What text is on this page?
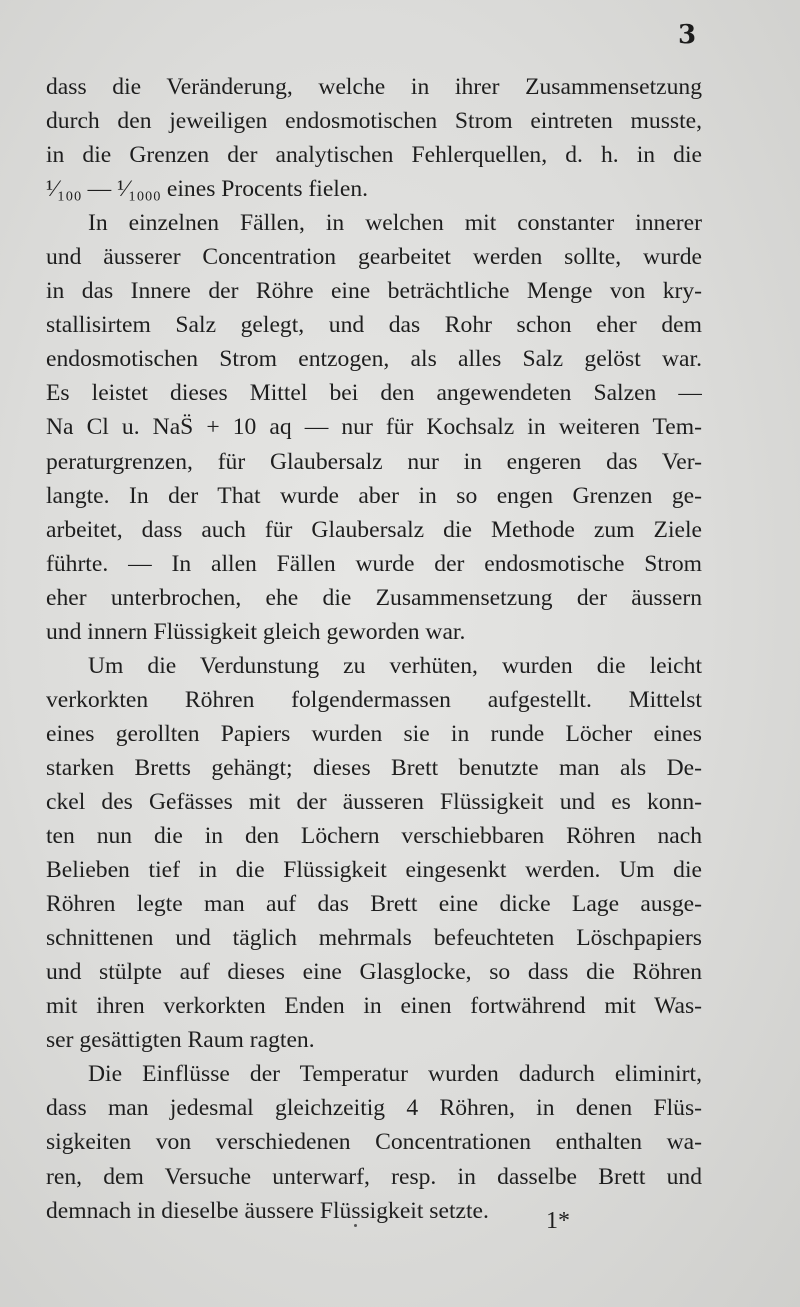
3
dass die Veränderung, welche in ihrer Zusammensetzung
durch den jeweiligen endosmotischen Strom eintreten musste,
in die Grenzen der analytischen Fehlerquellen, d. h. in die
¹⁄₁₀₀ — ¹⁄₁₀₀₀ eines Procents fielen.
In einzelnen Fällen, in welchen mit constanter innerer
und äusserer Concentration gearbeitet werden sollte, wurde
in das Innere der Röhre eine beträchtliche Menge von kry-
stallisirtem Salz gelegt, und das Rohr schon eher dem
endosmotischen Strom entzogen, als alles Salz gelöst war.
Es leistet dieses Mittel bei den angewendeten Salzen —
Na Cl u. NaS̈ + 10 aq — nur für Kochsalz in weiteren Tem-
peraturgrenzen, für Glaubersalz nur in engeren das Ver-
langte. In der That wurde aber in so engen Grenzen ge-
arbeitet, dass auch für Glaubersalz die Methode zum Ziele
führte. — In allen Fällen wurde der endosmotische Strom
eher unterbrochen, ehe die Zusammensetzung der äussern
und innern Flüssigkeit gleich geworden war.
Um die Verdunstung zu verhüten, wurden die leicht
verkorkten Röhren folgendermassen aufgestellt. Mittelst
eines gerollten Papiers wurden sie in runde Löcher eines
starken Bretts gehängt; dieses Brett benutzte man als De-
ckel des Gefässes mit der äusseren Flüssigkeit und es konn-
ten nun die in den Löchern verschiebbaren Röhren nach
Belieben tief in die Flüssigkeit eingesenkt werden. Um die
Röhren legte man auf das Brett eine dicke Lage ausge-
schnittenen und täglich mehrmals befeuchteten Löschpapiers
und stülpte auf dieses eine Glasglocke, so dass die Röhren
mit ihren verkorkten Enden in einen fortwährend mit Was-
ser gesättigten Raum ragten.
Die Einflüsse der Temperatur wurden dadurch eliminirt,
dass man jedesmal gleichzeitig 4 Röhren, in denen Flüs-
sigkeiten von verschiedenen Concentrationen enthalten wa-
ren, dem Versuche unterwarf, resp. in dasselbe Brett und
demnach in dieselbe äussere Flüssigkeit setzte.	1*
